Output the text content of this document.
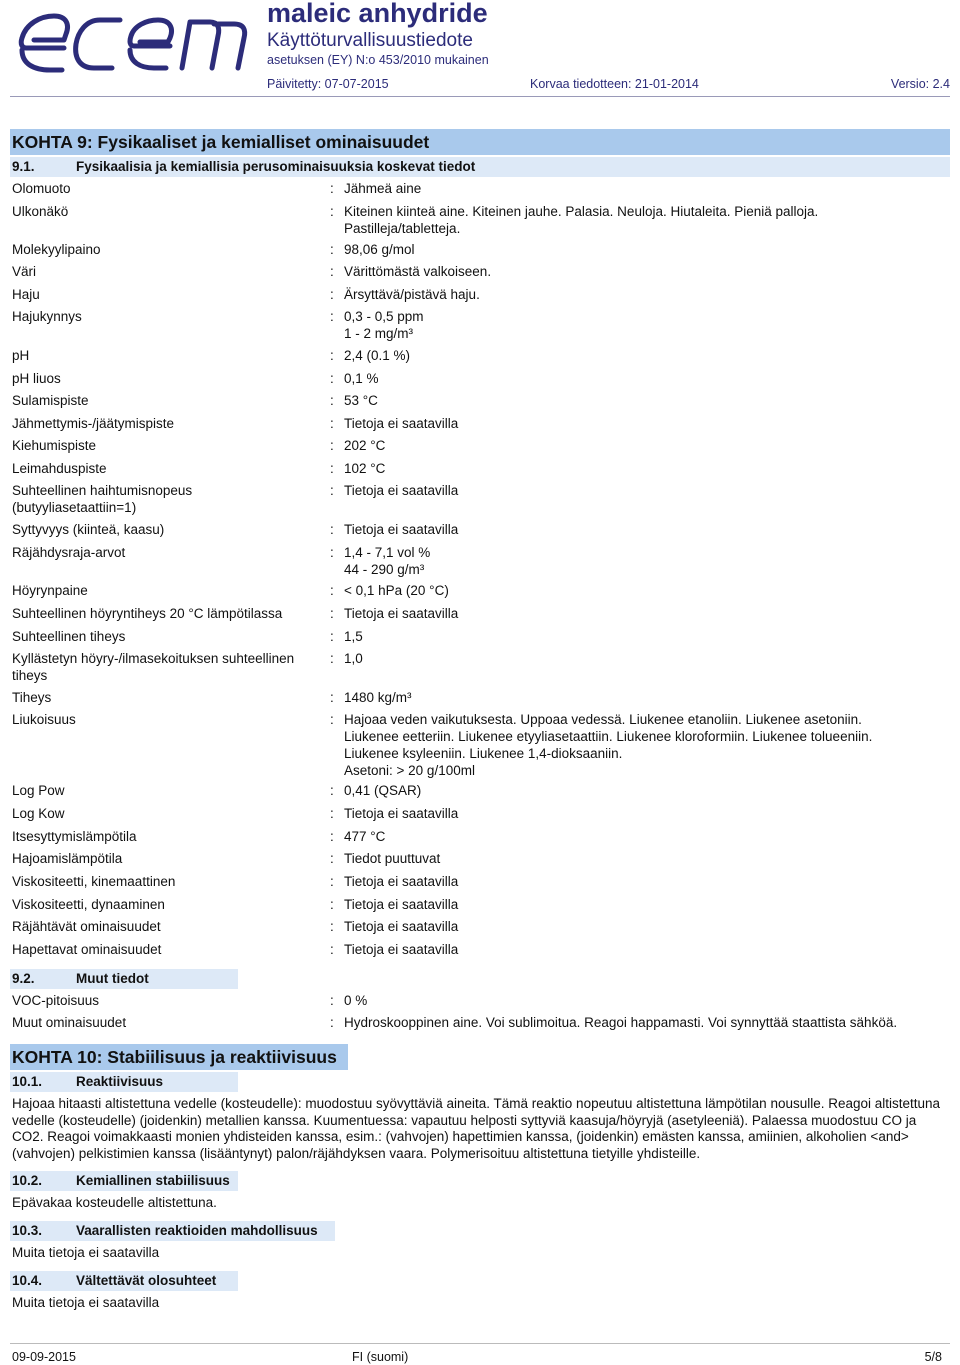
maleic anhydride
Käyttöturvallisuustiedote
asetuksen (EY) N:o 453/2010 mukainen
Päivitetty: 07-07-2015	Korvaa tiedotteen: 21-01-2014	Versio: 2.4
KOHTA 9: Fysikaaliset ja kemialliset ominaisuudet
9.1.	Fysikaalisia ja kemiallisia perusominaisuuksia koskevat tiedot
Olomuoto	: Jähmeä aine
Ulkonäkö	: Kiteinen kiinteä aine. Kiteinen jauhe. Palasia. Neuloja. Hiutaleita. Pieniä palloja.
Pastilleja/tabletteja.
Molekyylipaino	: 98,06 g/mol
Väri	: Värittömästä valkoiseen.
Haju	: Ärsyttävä/pistävä haju.
Hajukynnys	: 0,3 - 0,5 ppm
1 - 2 mg/m³
pH	: 2,4 (0.1 %)
pH liuos	: 0,1 %
Sulamispiste	: 53 °C
Jähmettymis-/jäätymispiste	: Tietoja ei saatavilla
Kiehumispiste	: 202 °C
Leimahduspiste	: 102 °C
Suhteellinen haihtumisnopeus
(butyyliasetaattiin=1)
: Tietoja ei saatavilla
Syttyvyys (kiinteä, kaasu)	: Tietoja ei saatavilla
Räjähdysraja-arvot	: 1,4 - 7,1 vol %
44 - 290 g/m³
Höyrynpaine	: < 0,1 hPa (20 °C)
Suhteellinen höyryntiheys 20 °C lämpötilassa	: Tietoja ei saatavilla
Suhteellinen tiheys	: 1,5
Kyllästetyn höyry-/ilmasekoituksen suhteellinen
tiheys
: 1,0
Tiheys	: 1480 kg/m³
Liukoisuus	: Hajoaa veden vaikutuksesta. Uppoaa vedessä. Liukenee etanoliin. Liukenee asetoniin.
Liukenee eetteriin. Liukenee etyyliasetaattiin. Liukenee kloroformiin. Liukenee tolueeniin.
Liukenee ksyleeniin. Liukenee 1,4-dioksaaniin.
Asetoni: > 20 g/100ml
Log Pow	: 0,41 (QSAR)
Log Kow	: Tietoja ei saatavilla
Itsesyttymislämpötila	: 477 °C
Hajoamislämpötila	: Tiedot puuttuvat
Viskositeetti, kinemaattinen	: Tietoja ei saatavilla
Viskositeetti, dynaaminen	: Tietoja ei saatavilla
Räjähtävät ominaisuudet	: Tietoja ei saatavilla
Hapettavat ominaisuudet	: Tietoja ei saatavilla
9.2.	Muut tiedot
VOC-pitoisuus	: 0 %
Muut ominaisuudet	: Hydroskooppinen aine. Voi sublimoitua. Reagoi happamasti. Voi synnyttää staattista sähköä.
KOHTA 10: Stabiilisuus ja reaktiivisuus
10.1.	Reaktiivisuus
Hajoaa hitaasti altistettuna vedelle (kosteudelle): muodostuu syövyttäviä aineita. Tämä reaktio nopeutuu altistettuna lämpötilan nousulle. Reagoi altistettuna vedelle (kosteudelle) (joidenkin) metallien kanssa. Kuumentuessa: vapautuu helposti syttyviä kaasuja/höyryjä (asetyleeniä). Palaessa muodostuu CO ja CO2. Reagoi voimakkaasti monien yhdisteiden kanssa, esim.: (vahvojen) hapettimien kanssa, (joidenkin) emästen kanssa, amiinien, alkoholien <and> (vahvojen) pelkistimien kanssa (lisääntynyt) palon/räjähdyksen vaara. Polymerisoituu altistettuna tietyille yhdisteille.
10.2.	Kemiallinen stabiilisuus
Epävakaa kosteudelle altistettuna.
10.3.	Vaarallisten reaktioiden mahdollisuus
Muita tietoja ei saatavilla
10.4.	Vältettävät olosuhteet
Muita tietoja ei saatavilla
09-09-2015	FI (suomi)	5/8
